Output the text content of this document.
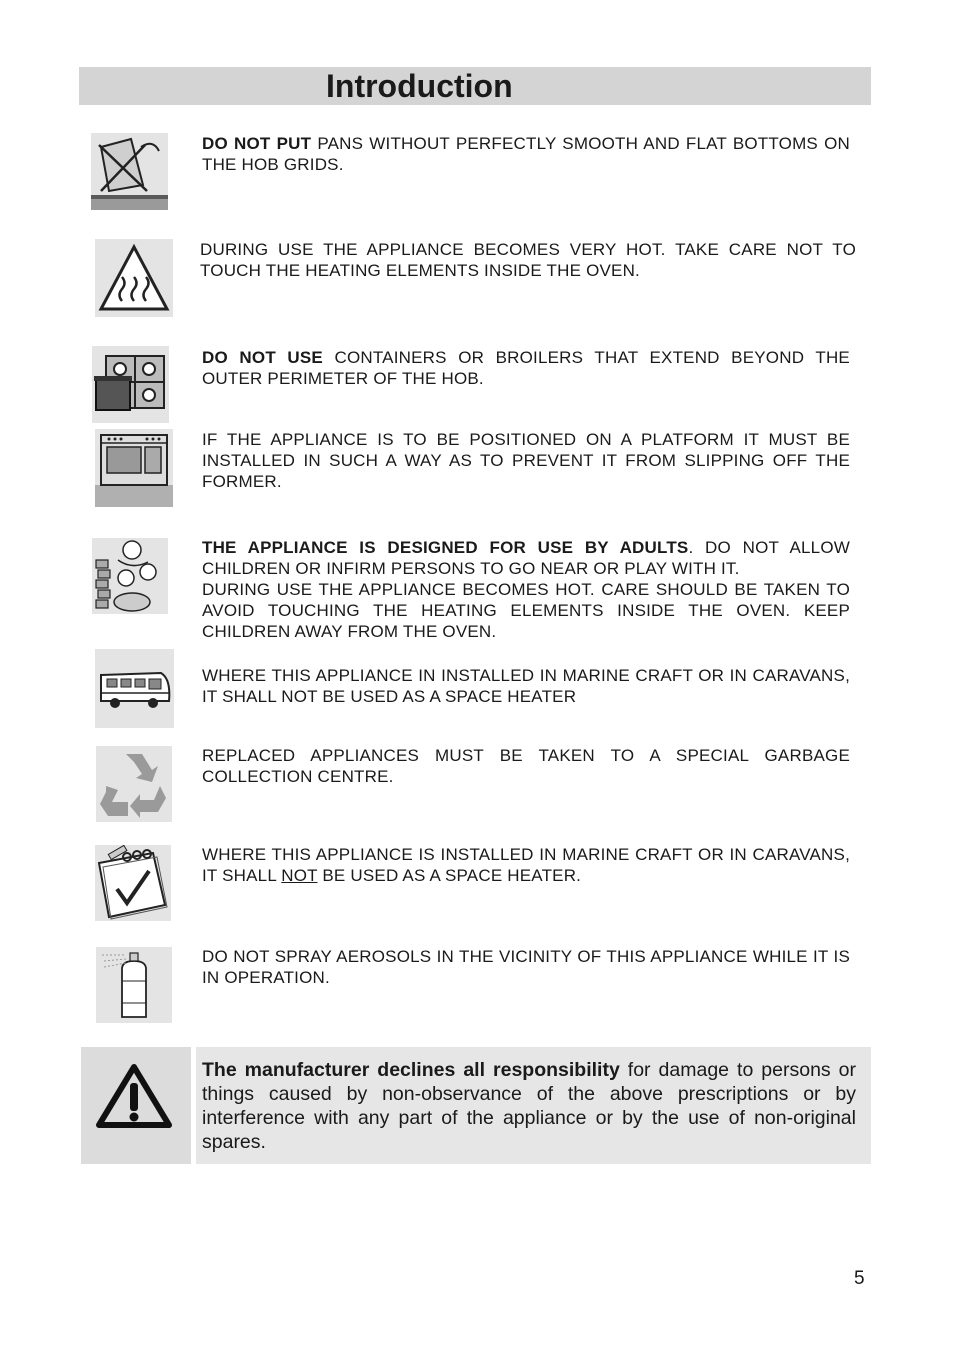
Introduction
DO NOT PUT PANS WITHOUT PERFECTLY SMOOTH AND FLAT BOTTOMS ON THE HOB GRIDS.
DURING USE THE APPLIANCE BECOMES VERY HOT. TAKE CARE NOT TO TOUCH THE HEATING ELEMENTS INSIDE THE OVEN.
DO NOT USE CONTAINERS OR BROILERS THAT EXTEND BEYOND THE OUTER PERIMETER OF THE HOB.
IF THE APPLIANCE IS TO BE POSITIONED ON A PLATFORM IT MUST BE INSTALLED IN SUCH A WAY AS TO PREVENT IT FROM SLIPPING OFF THE FORMER.
THE APPLIANCE IS DESIGNED FOR USE BY ADULTS. DO NOT ALLOW CHILDREN OR INFIRM PERSONS TO GO NEAR OR PLAY WITH IT.
DURING USE THE APPLIANCE BECOMES HOT. CARE SHOULD BE TAKEN TO AVOID TOUCHING THE HEATING ELEMENTS INSIDE THE OVEN. KEEP CHILDREN AWAY FROM THE OVEN.
WHERE THIS APPLIANCE IN INSTALLED IN MARINE CRAFT OR IN CARAVANS, IT SHALL NOT BE USED AS A SPACE HEATER
REPLACED APPLIANCES MUST BE TAKEN TO A SPECIAL GARBAGE COLLECTION CENTRE.
WHERE THIS APPLIANCE IS INSTALLED IN MARINE CRAFT OR IN CARAVANS, IT SHALL NOT BE USED AS A SPACE HEATER.
DO NOT SPRAY AEROSOLS IN THE VICINITY OF THIS APPLIANCE WHILE IT IS IN OPERATION.
The manufacturer declines all responsibility for damage to persons or things caused by non-observance of the above prescriptions or by interference with any part of the appliance or by the use of non-original spares.
5
